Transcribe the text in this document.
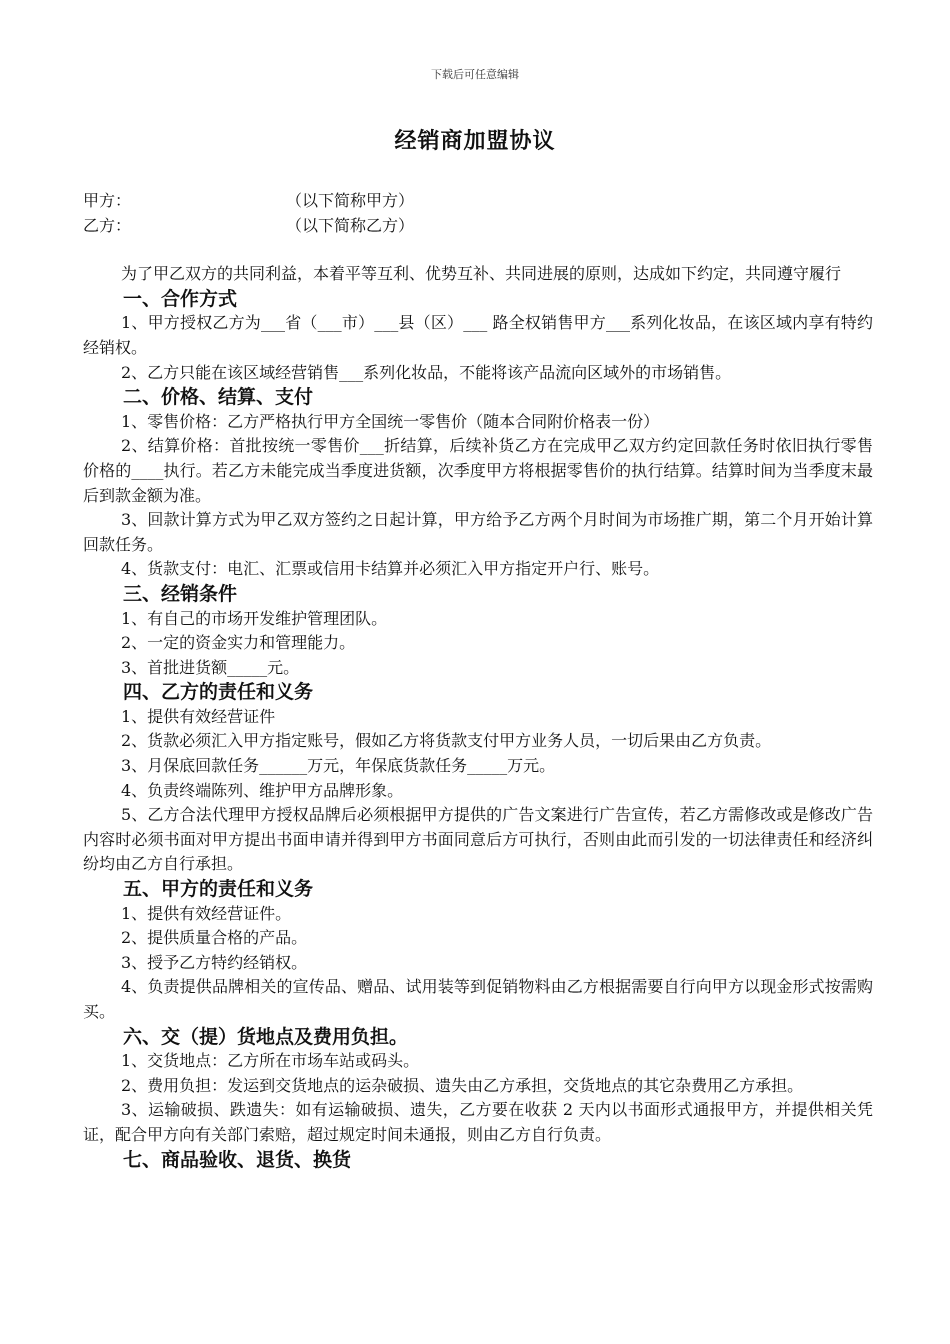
下载后可任意编辑
经销商加盟协议
甲方：	（以下简称甲方）
乙方：	（以下简称乙方）

为了甲乙双方的共同利益，本着平等互利、优势互补、共同进展的原则，达成如下约定，共同遵守履行

一、合作方式

1、甲方授权乙方为___省（___市）___县（区）___ 路全权销售甲方___系列化妆品，在该区域内享有特约经销权。

2、乙方只能在该区域经营销售___系列化妆品，不能将该产品流向区域外的市场销售。

二、价格、结算、支付

1、零售价格：乙方严格执行甲方全国统一零售价（随本合同附价格表一份）

2、结算价格：首批按统一零售价___折结算，后续补货乙方在完成甲乙双方约定回款任务时依旧执行零售价格的____执行。若乙方未能完成当季度进货额，次季度甲方将根据零售价的执行结算。结算时间为当季度末最后到款金额为准。

3、回款计算方式为甲乙双方签约之日起计算，甲方给予乙方两个月时间为市场推广期，第二个月开始计算回款任务。

4、货款支付：电汇、汇票或信用卡结算并必须汇入甲方指定开户行、账号。

三、经销条件

1、有自己的市场开发维护管理团队。

2、一定的资金实力和管理能力。

3、首批进货额_____元。

四、乙方的责任和义务

1、提供有效经营证件

2、货款必须汇入甲方指定账号，假如乙方将货款支付甲方业务人员，一切后果由乙方负责。

3、月保底回款任务______万元，年保底货款任务_____万元。

4、负责终端陈列、维护甲方品牌形象。

5、乙方合法代理甲方授权品牌后必须根据甲方提供的广告文案进行广告宣传，若乙方需修改或是修改广告内容时必须书面对甲方提出书面申请并得到甲方书面同意后方可执行，否则由此而引发的一切法律责任和经济纠纷均由乙方自行承担。

五、甲方的责任和义务

1、提供有效经营证件。

2、提供质量合格的产品。

3、授予乙方特约经销权。

4、负责提供品牌相关的宣传品、赠品、试用装等到促销物料由乙方根据需要自行向甲方以现金形式按需购买。

六、交（提）货地点及费用负担。

1、交货地点：乙方所在市场车站或码头。

2、费用负担：发运到交货地点的运杂破损、遗失由乙方承担，交货地点的其它杂费用乙方承担。

3、运输破损、跌遗失：如有运输破损、遗失，乙方要在收获 2 天内以书面形式通报甲方，并提供相关凭证，配合甲方向有关部门索赔，超过规定时间未通报，则由乙方自行负责。

七、商品验收、退货、换货
